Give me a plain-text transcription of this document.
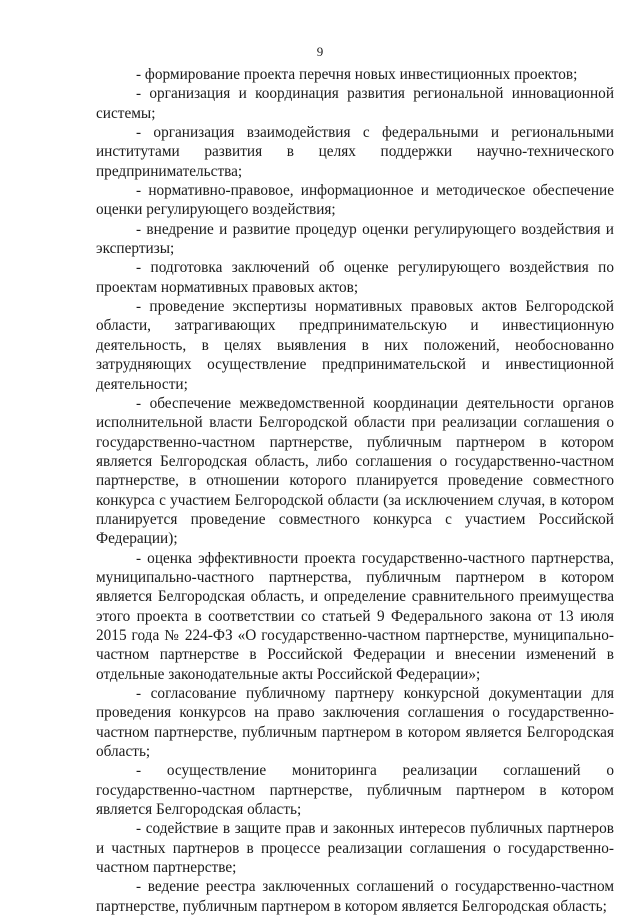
9

- формирование проекта перечня новых инвестиционных проектов;

- организация и координация развития региональной инновационной системы;

- организация взаимодействия с федеральными и региональными институтами развития в целях поддержки научно-технического предпринимательства;

- нормативно-правовое, информационное и методическое обеспечение оценки регулирующего воздействия;

- внедрение и развитие процедур оценки регулирующего воздействия и экспертизы;

- подготовка заключений об оценке регулирующего воздействия по проектам нормативных правовых актов;

- проведение экспертизы нормативных правовых актов Белгородской области, затрагивающих предпринимательскую и инвестиционную деятельность, в целях выявления в них положений, необоснованно затрудняющих осуществление предпринимательской и инвестиционной деятельности;

- обеспечение межведомственной координации деятельности органов исполнительной власти Белгородской области при реализации соглашения о государственно-частном партнерстве, публичным партнером в котором является Белгородская область, либо соглашения о государственно-частном партнерстве, в отношении которого планируется проведение совместного конкурса с участием Белгородской области (за исключением случая, в котором планируется проведение совместного конкурса с участием Российской Федерации);

- оценка эффективности проекта государственно-частного партнерства, муниципально-частного партнерства, публичным партнером в котором является Белгородская область, и определение сравнительного преимущества этого проекта в соответствии со статьей 9 Федерального закона от 13 июля 2015 года № 224-ФЗ «О государственно-частном партнерстве, муниципально-частном партнерстве в Российской Федерации и внесении изменений в отдельные законодательные акты Российской Федерации»;

- согласование публичному партнеру конкурсной документации для проведения конкурсов на право заключения соглашения о государственно-частном партнерстве, публичным партнером в котором является Белгородская область;

- осуществление мониторинга реализации соглашений о государственно-частном партнерстве, публичным партнером в котором является Белгородская область;

- содействие в защите прав и законных интересов публичных партнеров и частных партнеров в процессе реализации соглашения о государственно-частном партнерстве;

- ведение реестра заключенных соглашений о государственно-частном партнерстве, публичным партнером в котором является Белгородская область;
